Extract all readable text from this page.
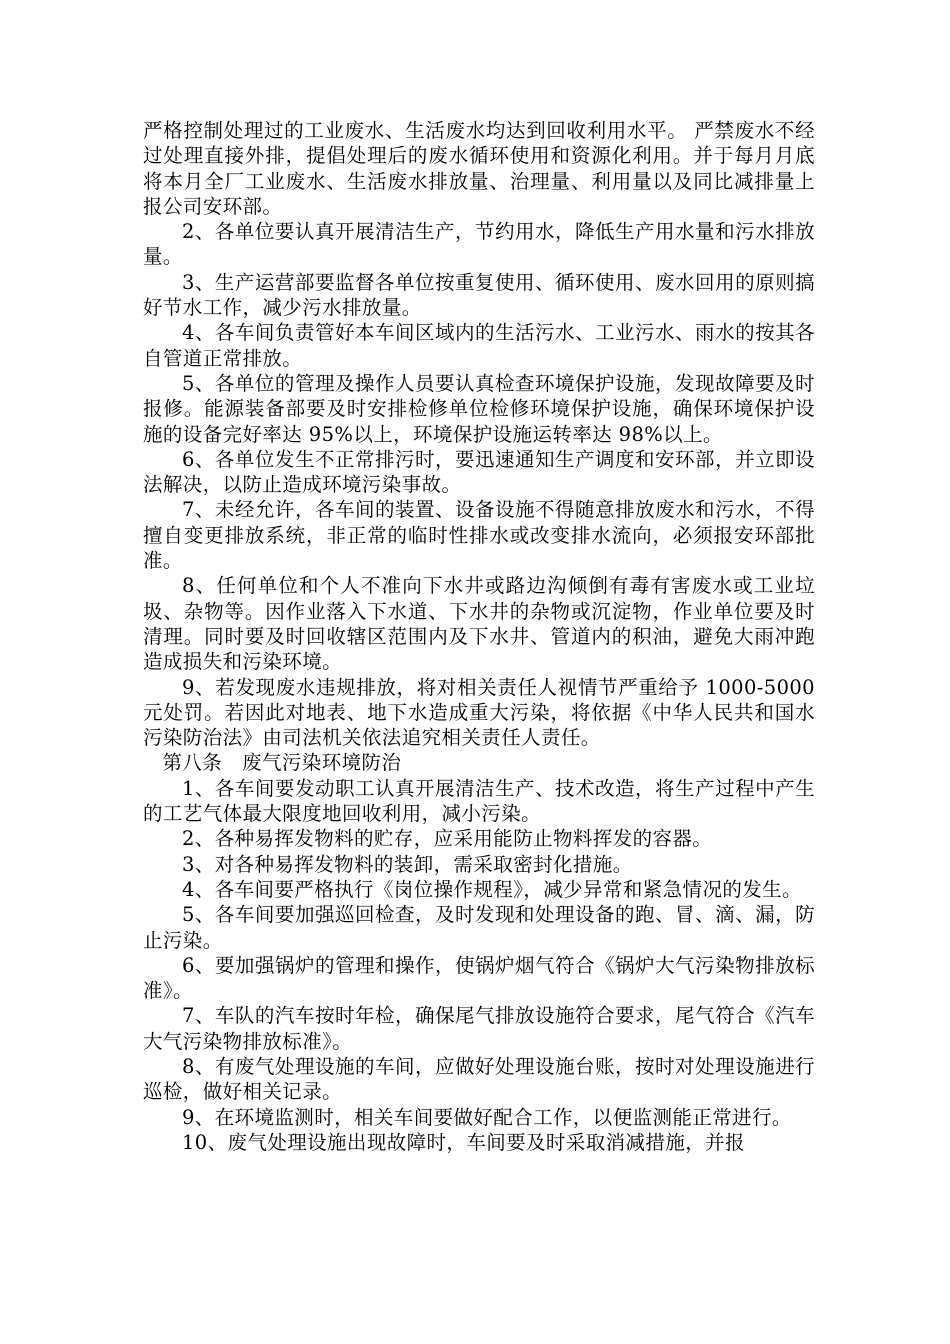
严格控制处理过的工业废水、生活废水均达到回收利用水平。 严禁废水不经过处理直接外排，提倡处理后的废水循环使用和资源化利用。并于每月月底将本月全厂工业废水、生活废水排放量、治理量、利用量以及同比减排量上报公司安环部。

2、各单位要认真开展清洁生产，节约用水，降低生产用水量和污水排放量。

3、生产运营部要监督各单位按重复使用、循环使用、废水回用的原则搞好节水工作，减少污水排放量。

4、各车间负责管好本车间区域内的生活污水、工业污水、雨水的按其各自管道正常排放。

5、各单位的管理及操作人员要认真检查环境保护设施，发现故障要及时报修。能源装备部要及时安排检修单位检修环境保护设施，确保环境保护设施的设备完好率达 95%以上，环境保护设施运转率达 98%以上。

6、各单位发生不正常排污时，要迅速通知生产调度和安环部，并立即设法解决，以防止造成环境污染事故。

7、未经允许，各车间的装置、设备设施不得随意排放废水和污水，不得擅自变更排放系统，非正常的临时性排水或改变排水流向，必须报安环部批准。

8、任何单位和个人不准向下水井或路边沟倾倒有毒有害废水或工业垃圾、杂物等。因作业落入下水道、下水井的杂物或沉淀物，作业单位要及时清理。同时要及时回收辖区范围内及下水井、管道内的积油，避免大雨冲跑造成损失和污染环境。

9、若发现废水违规排放，将对相关责任人视情节严重给予 1000-5000 元处罚。若因此对地表、地下水造成重大污染，将依据《中华人民共和国水污染防治法》由司法机关依法追究相关责任人责任。

第八条　废气污染环境防治

1、各车间要发动职工认真开展清洁生产、技术改造，将生产过程中产生的工艺气体最大限度地回收利用，减小污染。

2、各种易挥发物料的贮存，应采用能防止物料挥发的容器。

3、对各种易挥发物料的装卸，需采取密封化措施。

4、各车间要严格执行《岗位操作规程》，减少异常和紧急情况的发生。

5、各车间要加强巡回检查，及时发现和处理设备的跑、冒、滴、漏，防止污染。

6、要加强锅炉的管理和操作，使锅炉烟气符合《锅炉大气污染物排放标准》。

7、车队的汽车按时年检，确保尾气排放设施符合要求，尾气符合《汽车大气污染物排放标准》。

8、有废气处理设施的车间，应做好处理设施台账，按时对处理设施进行巡检，做好相关记录。

9、在环境监测时，相关车间要做好配合工作，以便监测能正常进行。

10、废气处理设施出现故障时，车间要及时采取消减措施，并报
